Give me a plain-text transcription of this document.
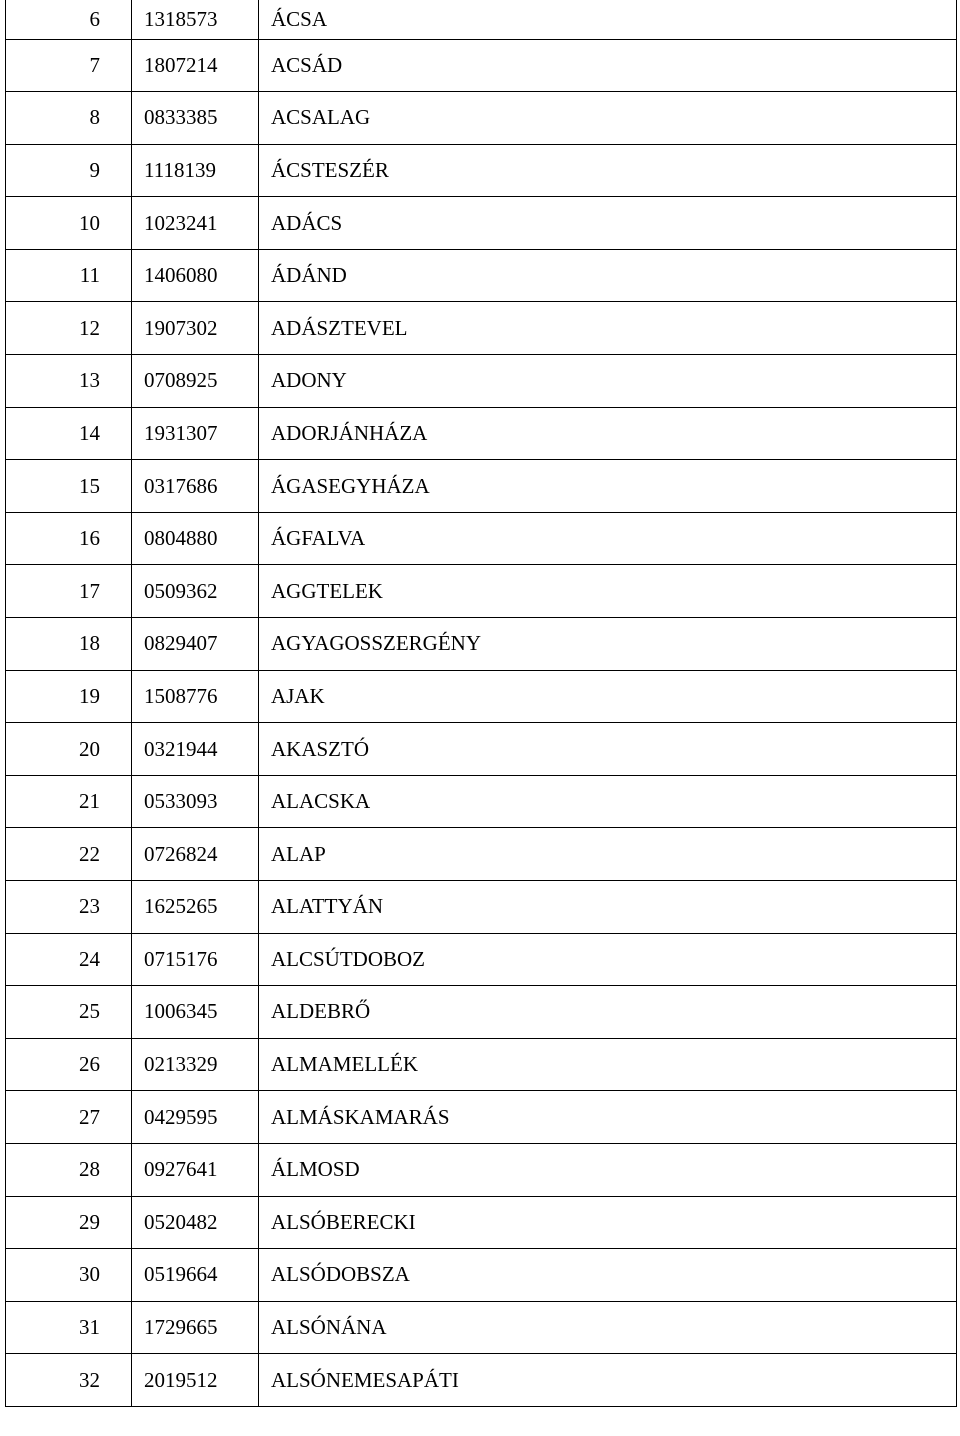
6	1318573	ÁCSA
7	1807214	ACSÁD
8	0833385	ACSALAG
9	1118139	ÁCSTESZÉR
10	1023241	ADÁCS
11	1406080	ÁDÁND
12	1907302	ADÁSZTEVEL
13	0708925	ADONY
14	1931307	ADORJÁNHÁZA
15	0317686	ÁGASEGYHÁZA
16	0804880	ÁGFALVA
17	0509362	AGGTELEK
18	0829407	AGYAGOSSZERGÉNY
19	1508776	AJAK
20	0321944	AKASZTÓ
21	0533093	ALACSKA
22	0726824	ALAP
23	1625265	ALATTYÁN
24	0715176	ALCSÚTDOBOZ
25	1006345	ALDEBRŐ
26	0213329	ALMAMELLÉK
27	0429595	ALMÁSKAMARÁS
28	0927641	ÁLMOSD
29	0520482	ALSÓBERECKI
30	0519664	ALSÓDOBSZA
31	1729665	ALSÓNÁNA
32	2019512	ALSÓNEMESAPÁTI
